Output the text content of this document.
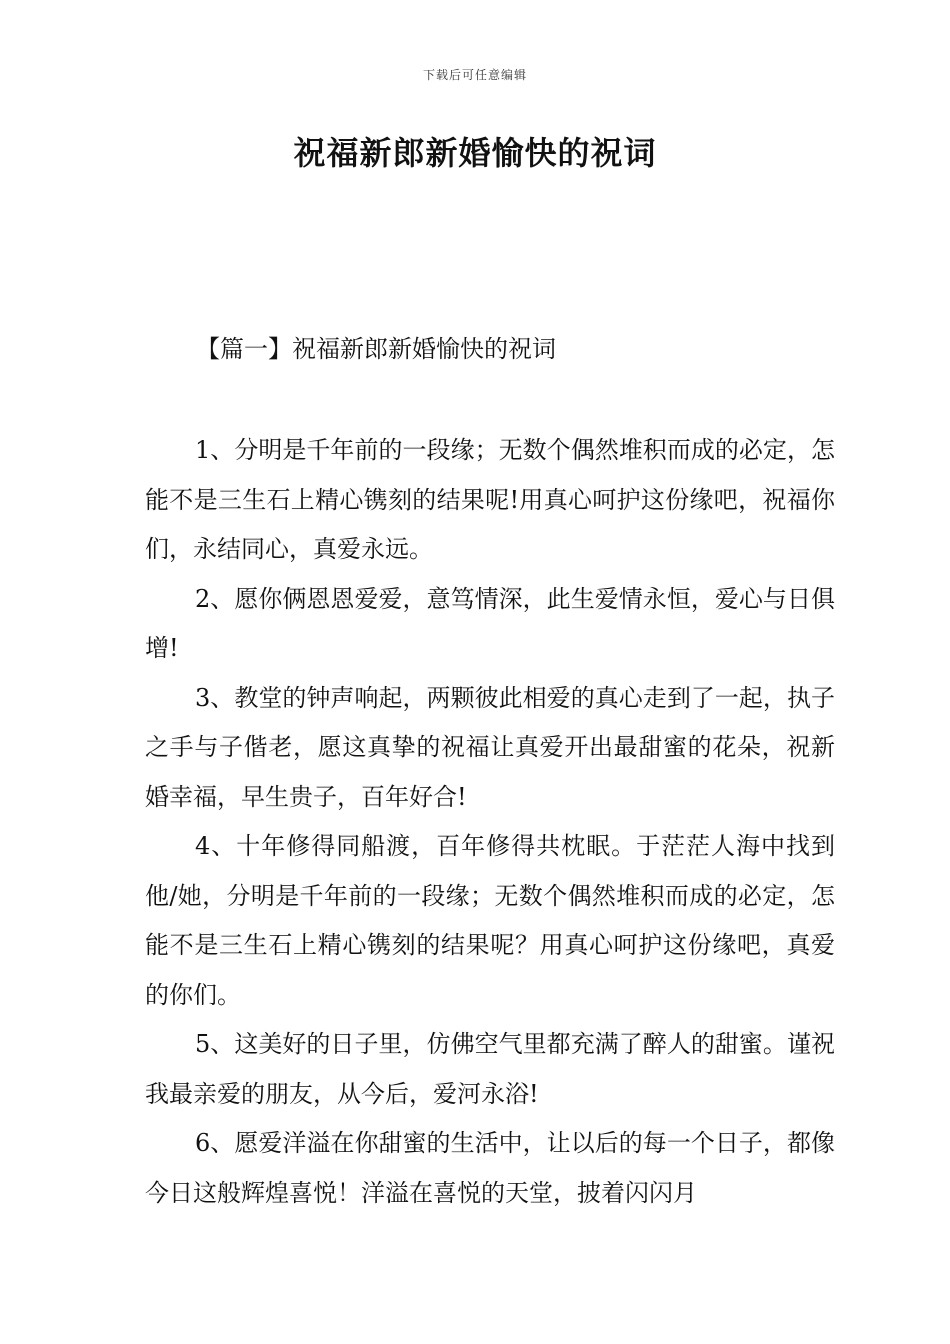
下载后可任意编辑
祝福新郎新婚愉快的祝词
【篇一】祝福新郎新婚愉快的祝词

1、分明是千年前的一段缘；无数个偶然堆积而成的必定，怎能不是三生石上精心镌刻的结果呢!用真心呵护这份缘吧，祝福你们，永结同心，真爱永远。

2、愿你俩恩恩爱爱，意笃情深，此生爱情永恒，爱心与日俱增!

3、教堂的钟声响起，两颗彼此相爱的真心走到了一起，执子之手与子偕老，愿这真挚的祝福让真爱开出最甜蜜的花朵，祝新婚幸福，早生贵子，百年好合!

4、十年修得同船渡，百年修得共枕眠。于茫茫人海中找到他/她，分明是千年前的一段缘；无数个偶然堆积而成的必定，怎能不是三生石上精心镌刻的结果呢？用真心呵护这份缘吧，真爱的你们。

5、这美好的日子里，仿佛空气里都充满了醉人的甜蜜。谨祝我最亲爱的朋友，从今后，爱河永浴!

6、愿爱洋溢在你甜蜜的生活中，让以后的每一个日子，都像今日这般辉煌喜悦！洋溢在喜悦的天堂，披着闪闪月
